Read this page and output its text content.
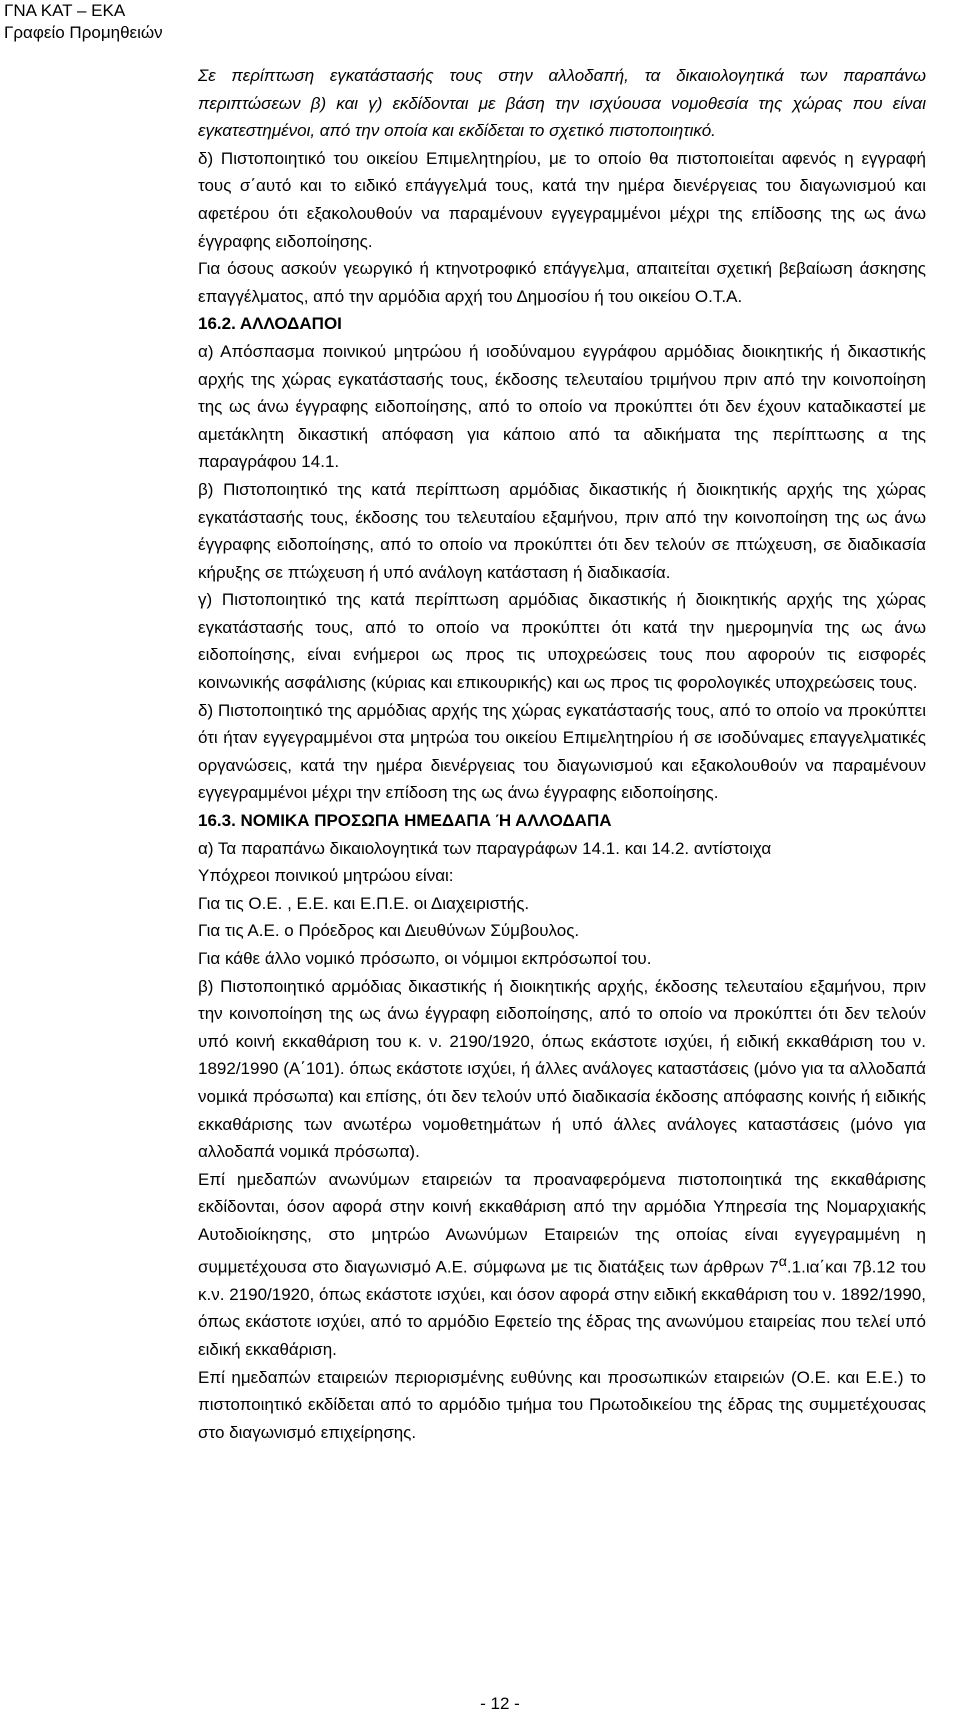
ΓΝΑ ΚΑΤ – ΕΚΑ
Γραφείο Προμηθειών

Σε περίπτωση εγκατάστασής τους στην αλλοδαπή, τα δικαιολογητικά των παραπάνω περιπτώσεων β) και γ) εκδίδονται με βάση την ισχύουσα νομοθεσία της χώρας που είναι εγκατεστημένοι, από την οποία και εκδίδεται το σχετικό πιστοποιητικό.

δ) Πιστοποιητικό του οικείου Επιμελητηρίου, με το οποίο θα πιστοποιείται αφενός η εγγραφή τους σ΄αυτό και το ειδικό επάγγελμά τους, κατά την ημέρα διενέργειας του διαγωνισμού και αφετέρου ότι εξακολουθούν να παραμένουν εγγεγραμμένοι μέχρι της επίδοσης της ως άνω έγγραφης ειδοποίησης.

Για όσους ασκούν γεωργικό ή κτηνοτροφικό επάγγελμα, απαιτείται σχετική βεβαίωση άσκησης επαγγέλματος, από την αρμόδια αρχή του Δημοσίου ή του οικείου Ο.Τ.Α.

16.2. ΑΛΛΟΔΑΠΟΙ

α) Απόσπασμα ποινικού μητρώου ή ισοδύναμου εγγράφου αρμόδιας διοικητικής ή δικαστικής αρχής της χώρας εγκατάστασής τους, έκδοσης τελευταίου τριμήνου πριν από την κοινοποίηση της ως άνω έγγραφης ειδοποίησης, από το οποίο να προκύπτει ότι δεν έχουν καταδικαστεί με αμετάκλητη δικαστική απόφαση για κάποιο από τα αδικήματα της περίπτωσης α της παραγράφου 14.1.

β) Πιστοποιητικό της κατά περίπτωση αρμόδιας δικαστικής ή διοικητικής αρχής της χώρας εγκατάστασής τους, έκδοσης του τελευταίου εξαμήνου, πριν από την κοινοποίηση της ως άνω έγγραφης ειδοποίησης, από το οποίο να προκύπτει ότι δεν τελούν σε πτώχευση, σε διαδικασία κήρυξης σε πτώχευση ή υπό ανάλογη κατάσταση ή διαδικασία.

γ) Πιστοποιητικό της κατά περίπτωση αρμόδιας δικαστικής ή διοικητικής αρχής της χώρας εγκατάστασής τους, από το οποίο να προκύπτει ότι κατά την ημερομηνία της ως άνω ειδοποίησης, είναι ενήμεροι ως προς τις υποχρεώσεις τους που αφορούν τις εισφορές κοινωνικής ασφάλισης (κύριας και επικουρικής) και ως προς τις φορολογικές υποχρεώσεις τους.

δ) Πιστοποιητικό της αρμόδιας αρχής της χώρας εγκατάστασής τους, από το οποίο να προκύπτει ότι ήταν εγγεγραμμένοι στα μητρώα του οικείου Επιμελητηρίου ή σε ισοδύναμες επαγγελματικές οργανώσεις, κατά την ημέρα διενέργειας του διαγωνισμού και εξακολουθούν να παραμένουν εγγεγραμμένοι μέχρι την επίδοση της ως άνω έγγραφης ειδοποίησης.

16.3. ΝΟΜΙΚΑ ΠΡΟΣΩΠΑ ΗΜΕΔΑΠΑ Ή ΑΛΛΟΔΑΠΑ

α) Τα παραπάνω δικαιολογητικά των παραγράφων 14.1. και 14.2. αντίστοιχα

Υπόχρεοι ποινικού μητρώου είναι:

Για τις Ο.Ε. , Ε.Ε. και Ε.Π.Ε. οι Διαχειριστής.

Για τις Α.Ε. ο Πρόεδρος και Διευθύνων Σύμβουλος.

Για κάθε άλλο νομικό πρόσωπο, οι νόμιμοι εκπρόσωποί του.

β) Πιστοποιητικό αρμόδιας δικαστικής ή διοικητικής αρχής, έκδοσης τελευταίου εξαμήνου, πριν την κοινοποίηση της ως άνω έγγραφη ειδοποίησης, από το οποίο να προκύπτει ότι δεν τελούν υπό κοινή εκκαθάριση του κ. ν. 2190/1920, όπως εκάστοτε ισχύει, ή ειδική εκκαθάριση του ν. 1892/1990 (Α΄101). όπως εκάστοτε ισχύει, ή άλλες ανάλογες καταστάσεις (μόνο για τα αλλοδαπά νομικά πρόσωπα) και επίσης, ότι δεν τελούν υπό διαδικασία έκδοσης απόφασης κοινής ή ειδικής εκκαθάρισης των ανωτέρω νομοθετημάτων ή υπό άλλες ανάλογες καταστάσεις (μόνο για αλλοδαπά νομικά πρόσωπα).

Επί ημεδαπών ανωνύμων εταιρειών τα προαναφερόμενα πιστοποιητικά της εκκαθάρισης εκδίδονται, όσον αφορά στην κοινή εκκαθάριση από την αρμόδια Υπηρεσία της Νομαρχιακής Αυτοδιοίκησης, στο μητρώο Ανωνύμων Εταιρειών της οποίας είναι εγγεγραμμένη η συμμετέχουσα στο διαγωνισμό Α.Ε. σύμφωνα με τις διατάξεις των άρθρων $7^\alpha.1.\iota\alpha΄\kappa\alpha\iota$ 7β.12 του κ.ν. 2190/1920, όπως εκάστοτε ισχύει, και όσον αφορά στην ειδική εκκαθάριση του ν. 1892/1990, όπως εκάστοτε ισχύει, από το αρμόδιο Εφετείο της έδρας της ανωνύμου εταιρείας που τελεί υπό ειδική εκκαθάριση.

Επί ημεδαπών εταιρειών περιορισμένης ευθύνης και προσωπικών εταιρειών (Ο.Ε. και Ε.Ε.) το πιστοποιητικό εκδίδεται από το αρμόδιο τμήμα του Πρωτοδικείου της έδρας της συμμετέχουσας στο διαγωνισμό επιχείρησης.

- 12 -
